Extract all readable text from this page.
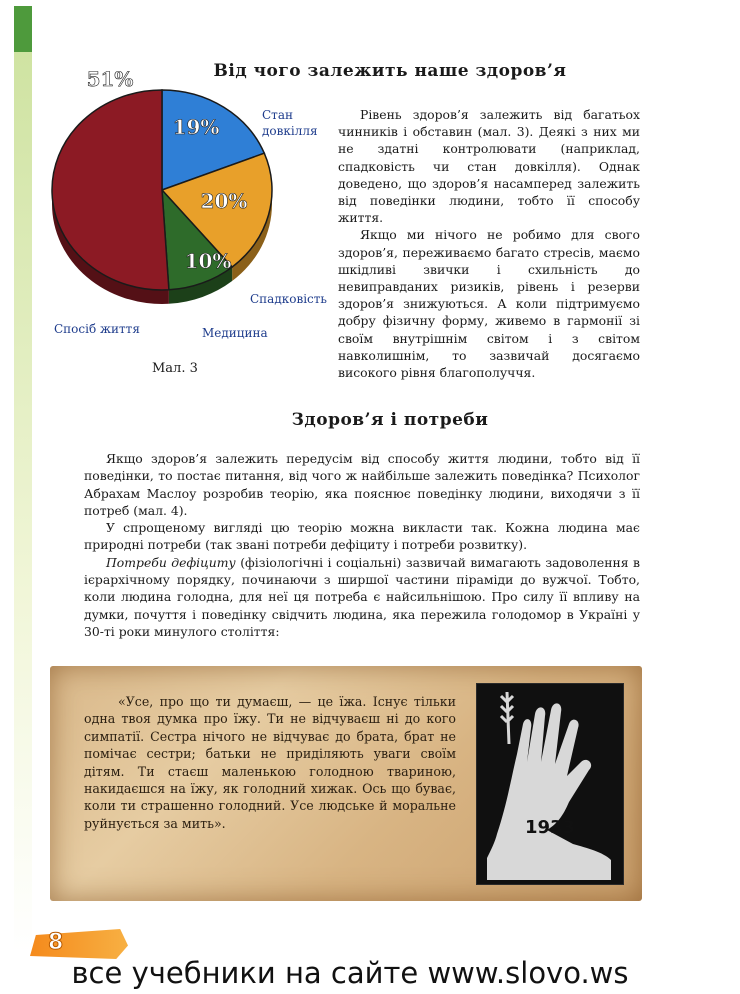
Від чого залежить наше здоров’я
19%
20%
10%
51%
Стан
довкілля
Спадковість
Спосіб життя	Медицина
Мал. 3

Рівень здоров’я залежить від багатьох чинників і обставин (мал. 3). Деякі з них ми не здатні контролювати (наприклад, спадковість чи стан довкілля). Однак доведено, що здоров’я насамперед залежить від поведінки людини, тобто її способу життя.

Якщо ми нічого не робимо для свого здоров’я, переживаємо багато стресів, маємо шкідливі звички і схильність до невиправданих ризиків, рівень і резерви здоров’я знижуються. А коли підтримуємо добру фізичну форму, живемо в гармонії зі своїм внутрішнім світом і з світом навколишнім, то зазвичай досягаємо високого рівня благополуччя.

Здоров’я і потреби

Якщо здоров’я залежить передусім від способу життя людини, тобто від її поведінки, то постає питання, від чого ж найбільше залежить поведінка? Психолог Абрахам Маслоу розробив теорію, яка пояснює поведінку людини, виходячи з її потреб (мал. 4).

У спрощеному вигляді цю теорію можна викласти так. Кожна людина має природні потреби (так звані потреби дефіциту і потреби розвитку).

Потреби дефіциту (фізіологічні і соціальні) зазвичай вимагають задоволення в ієрархічному порядку, починаючи з ширшої частини піраміди до вужчої. Тобто, коли людина голодна, для неї ця потреба є найсильнішою. Про силу її впливу на думки, почуття і поведінку свідчить людина, яка пережила голодомор в Україні у 30-ті роки минулого століття:

«Усе, про що ти думаєш, — це їжа. Існує тільки одна твоя думка про їжу. Ти не відчуваєш ні до кого симпатії. Сестра нічого не відчуває до брата, брат не помічає сестри; батьки не приділяють уваги своїм дітям. Ти стаєш маленькою голодною твариною, накидаєшся на їжу, як голодний хижак. Ось що буває, коли ти страшенно голодний. Усе людське й моральне руйнується за мить».	1933
8
все учебники на сайте www.slovo.ws
